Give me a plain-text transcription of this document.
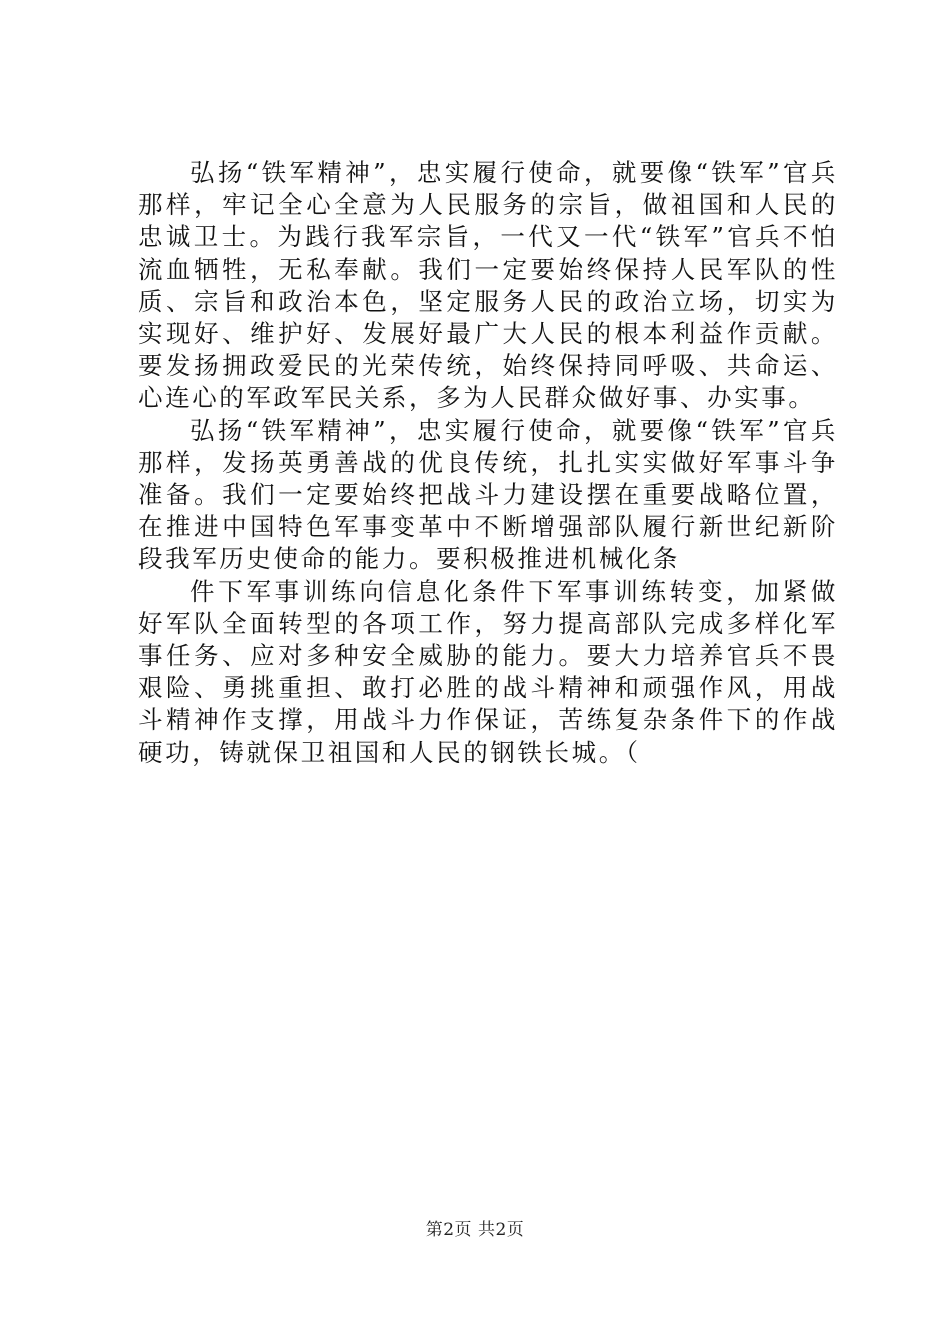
弘扬“铁军精神”，忠实履行使命，就要像“铁军”官兵那样，牢记全心全意为人民服务的宗旨，做祖国和人民的忠诚卫士。为践行我军宗旨，一代又一代“铁军”官兵不怕流血牺牲，无私奉献。我们一定要始终保持人民军队的性质、宗旨和政治本色，坚定服务人民的政治立场，切实为实现好、维护好、发展好最广大人民的根本利益作贡献。要发扬拥政爱民的光荣传统，始终保持同呼吸、共命运、心连心的军政军民关系，多为人民群众做好事、办实事。

弘扬“铁军精神”，忠实履行使命，就要像“铁军”官兵那样，发扬英勇善战的优良传统，扎扎实实做好军事斗争准备。我们一定要始终把战斗力建设摆在重要战略位置，在推进中国特色军事变革中不断增强部队履行新世纪新阶段我军历史使命的能力。要积极推进机械化条

件下军事训练向信息化条件下军事训练转变，加紧做好军队全面转型的各项工作，努力提高部队完成多样化军事任务、应对多种安全威胁的能力。要大力培养官兵不畏艰险、勇挑重担、敢打必胜的战斗精神和顽强作风，用战斗精神作支撑，用战斗力作保证，苦练复杂条件下的作战硬功，铸就保卫祖国和人民的钢铁长城。（

第2页 共2页
